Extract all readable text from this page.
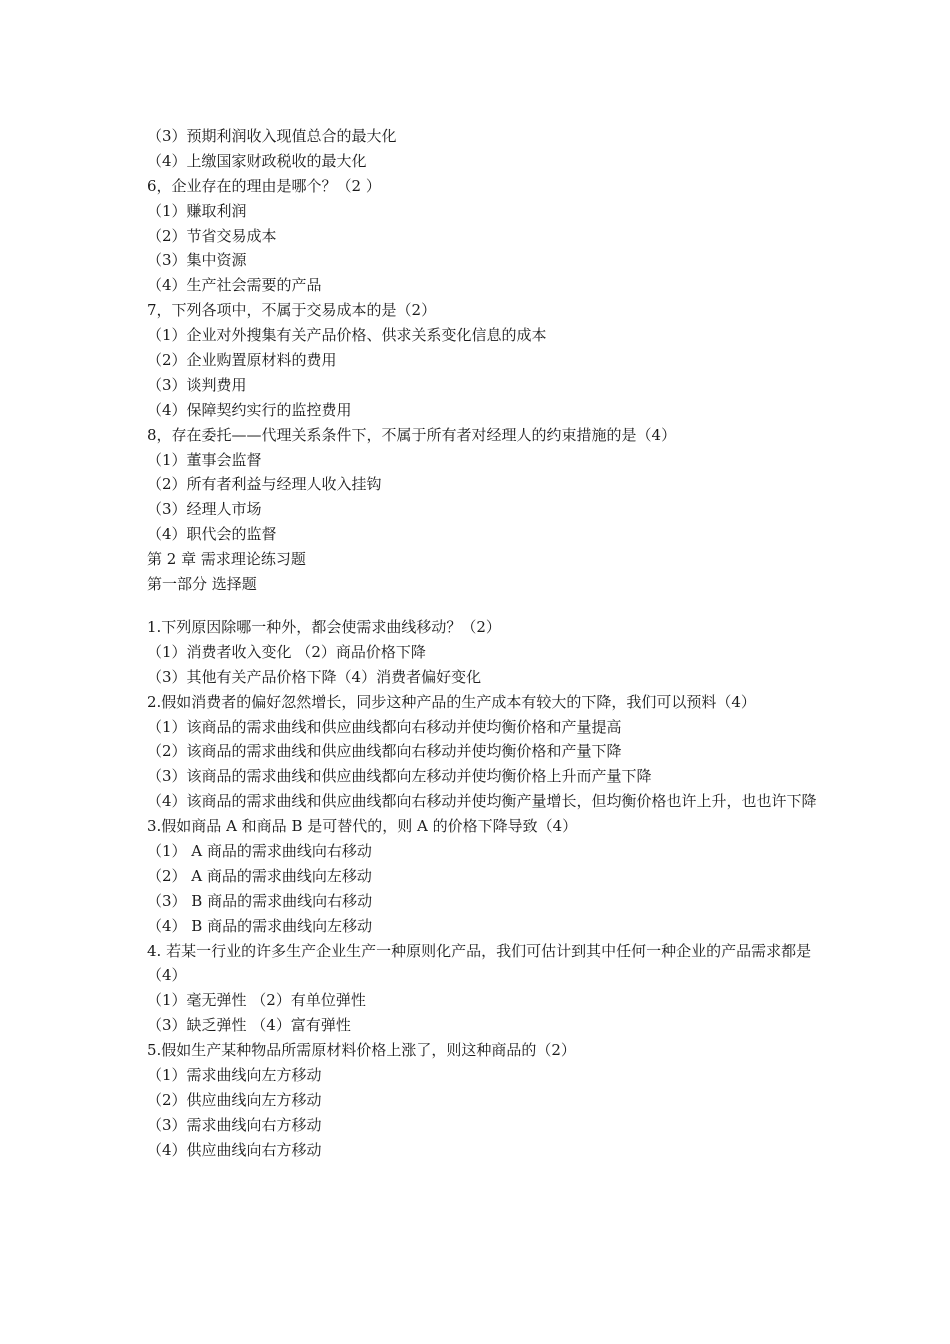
（3）预期利润收入现值总合的最大化
（4）上缴国家财政税收的最大化
6，企业存在的理由是哪个？（2 ）
（1）赚取利润
（2）节省交易成本
（3）集中资源
（4）生产社会需要的产品
7，下列各项中，不属于交易成本的是（2）
（1）企业对外搜集有关产品价格、供求关系变化信息的成本
（2）企业购置原材料的费用
（3）谈判费用
（4）保障契约实行的监控费用
8，存在委托——代理关系条件下，不属于所有者对经理人的约束措施的是（4）
（1）董事会监督
（2）所有者利益与经理人收入挂钩
（3）经理人市场
（4）职代会的监督
第 2 章 需求理论练习题
第一部分 选择题
1.下列原因除哪一种外，都会使需求曲线移动？（2）
（1）消费者收入变化 （2）商品价格下降
（3）其他有关产品价格下降（4）消费者偏好变化
2.假如消费者的偏好忽然增长，同步这种产品的生产成本有较大的下降，我们可以预料（4）
（1）该商品的需求曲线和供应曲线都向右移动并使均衡价格和产量提高
（2）该商品的需求曲线和供应曲线都向右移动并使均衡价格和产量下降
（3）该商品的需求曲线和供应曲线都向左移动并使均衡价格上升而产量下降
（4）该商品的需求曲线和供应曲线都向右移动并使均衡产量增长，但均衡价格也许上升，也也许下降
3.假如商品 A 和商品 B 是可替代的，则 A 的价格下降导致（4）
（1） A 商品的需求曲线向右移动
（2） A 商品的需求曲线向左移动
（3） B 商品的需求曲线向右移动
（4） B 商品的需求曲线向左移动
4. 若某一行业的许多生产企业生产一种原则化产品，我们可估计到其中任何一种企业的产品需求都是（4）
（1）毫无弹性 （2）有单位弹性
（3）缺乏弹性 （4）富有弹性
5.假如生产某种物品所需原材料价格上涨了，则这种商品的（2）
（1）需求曲线向左方移动
（2）供应曲线向左方移动
（3）需求曲线向右方移动
（4）供应曲线向右方移动
